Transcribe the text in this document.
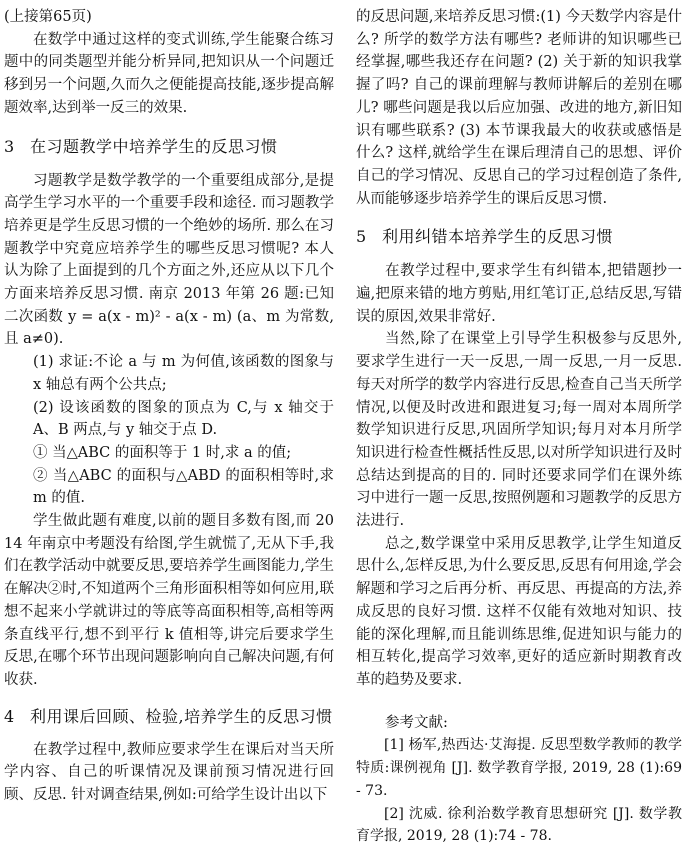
(上接第65页)

在数学中通过这样的变式训练,学生能聚合练习题中的同类题型并能分析异同,把知识从一个问题迁移到另一个问题,久而久之便能提高技能,逐步提高解题效率,达到举一反三的效果.

3 在习题教学中培养学生的反思习惯

习题教学是数学教学的一个重要组成部分,是提高学生学习水平的一个重要手段和途径. 而习题教学培养更是学生反思习惯的一个绝妙的场所. 那么在习题教学中究竟应培养学生的哪些反思习惯呢? 本人认为除了上面提到的几个方面之外,还应从以下几个方面来培养反思习惯. 南京 2013 年第 26 题:已知二次函数 y = a(x - m)² - a(x - m) (a、m 为常数,且 a≠0).

(1) 求证:不论 a 与 m 为何值,该函数的图象与 x 轴总有两个公共点;

(2) 设该函数的图象的顶点为 C,与 x 轴交于 A、B 两点,与 y 轴交于点 D.

① 当△ABC 的面积等于 1 时,求 a 的值;

② 当△ABC 的面积与△ABD 的面积相等时,求 m 的值.

学生做此题有难度,以前的题目多数有图,而 2014 年南京中考题没有给图,学生就慌了,无从下手,我们在教学活动中就要反思,要培养学生画图能力,学生在解决②时,不知道两个三角形面积相等如何应用,联想不起来小学就讲过的等底等高面积相等,高相等两条直线平行,想不到平行 k 值相等,讲完后要求学生反思,在哪个环节出现问题影响向自己解决问题,有何收获.

4 利用课后回顾、检验,培养学生的反思习惯

在教学过程中,教师应要求学生在课后对当天所学内容、自己的听课情况及课前预习情况进行回顾、反思. 针对调查结果,例如:可给学生设计出以下

的反思问题,来培养反思习惯:(1) 今天数学内容是什么? 所学的数学方法有哪些? 老师讲的知识哪些已经掌握,哪些我还存在问题? (2) 关于新的知识我掌握了吗? 自己的课前理解与教师讲解后的差别在哪儿? 哪些问题是我以后应加强、改进的地方,新旧知识有哪些联系? (3) 本节课我最大的收获或感悟是什么? 这样,就给学生在课后理清自己的思想、评价自己的学习情况、反思自己的学习过程创造了条件,从而能够逐步培养学生的课后反思习惯.

5 利用纠错本培养学生的反思习惯

在教学过程中,要求学生有纠错本,把错题抄一遍,把原来错的地方剪贴,用红笔订正,总结反思,写错误的原因,效果非常好.

当然,除了在课堂上引导学生积极参与反思外,要求学生进行一天一反思,一周一反思,一月一反思. 每天对所学的数学内容进行反思,检查自己当天所学情况,以便及时改进和跟进复习;每一周对本周所学数学知识进行反思,巩固所学知识;每月对本月所学知识进行检查性概括性反思,以对所学知识进行及时总结达到提高的目的. 同时还要求同学们在课外练习中进行一题一反思,按照例题和习题教学的反思方法进行.

总之,数学课堂中采用反思教学,让学生知道反思什么,怎样反思,为什么要反思,反思有何用途,学会解题和学习之后再分析、再反思、再提高的方法,养成反思的良好习惯. 这样不仅能有效地对知识、技能的深化理解,而且能训练思维,促进知识与能力的相互转化,提高学习效率,更好的适应新时期教育改革的趋势及要求.

参考文献:

[1] 杨军,热西达·艾海提. 反思型数学教师的教学特质:课例视角 [J]. 数学教育学报, 2019, 28 (1):69 - 73.

[2] 沈威. 徐利治数学教育思想研究 [J]. 数学教育学报, 2019, 28 (1):74 - 78.
